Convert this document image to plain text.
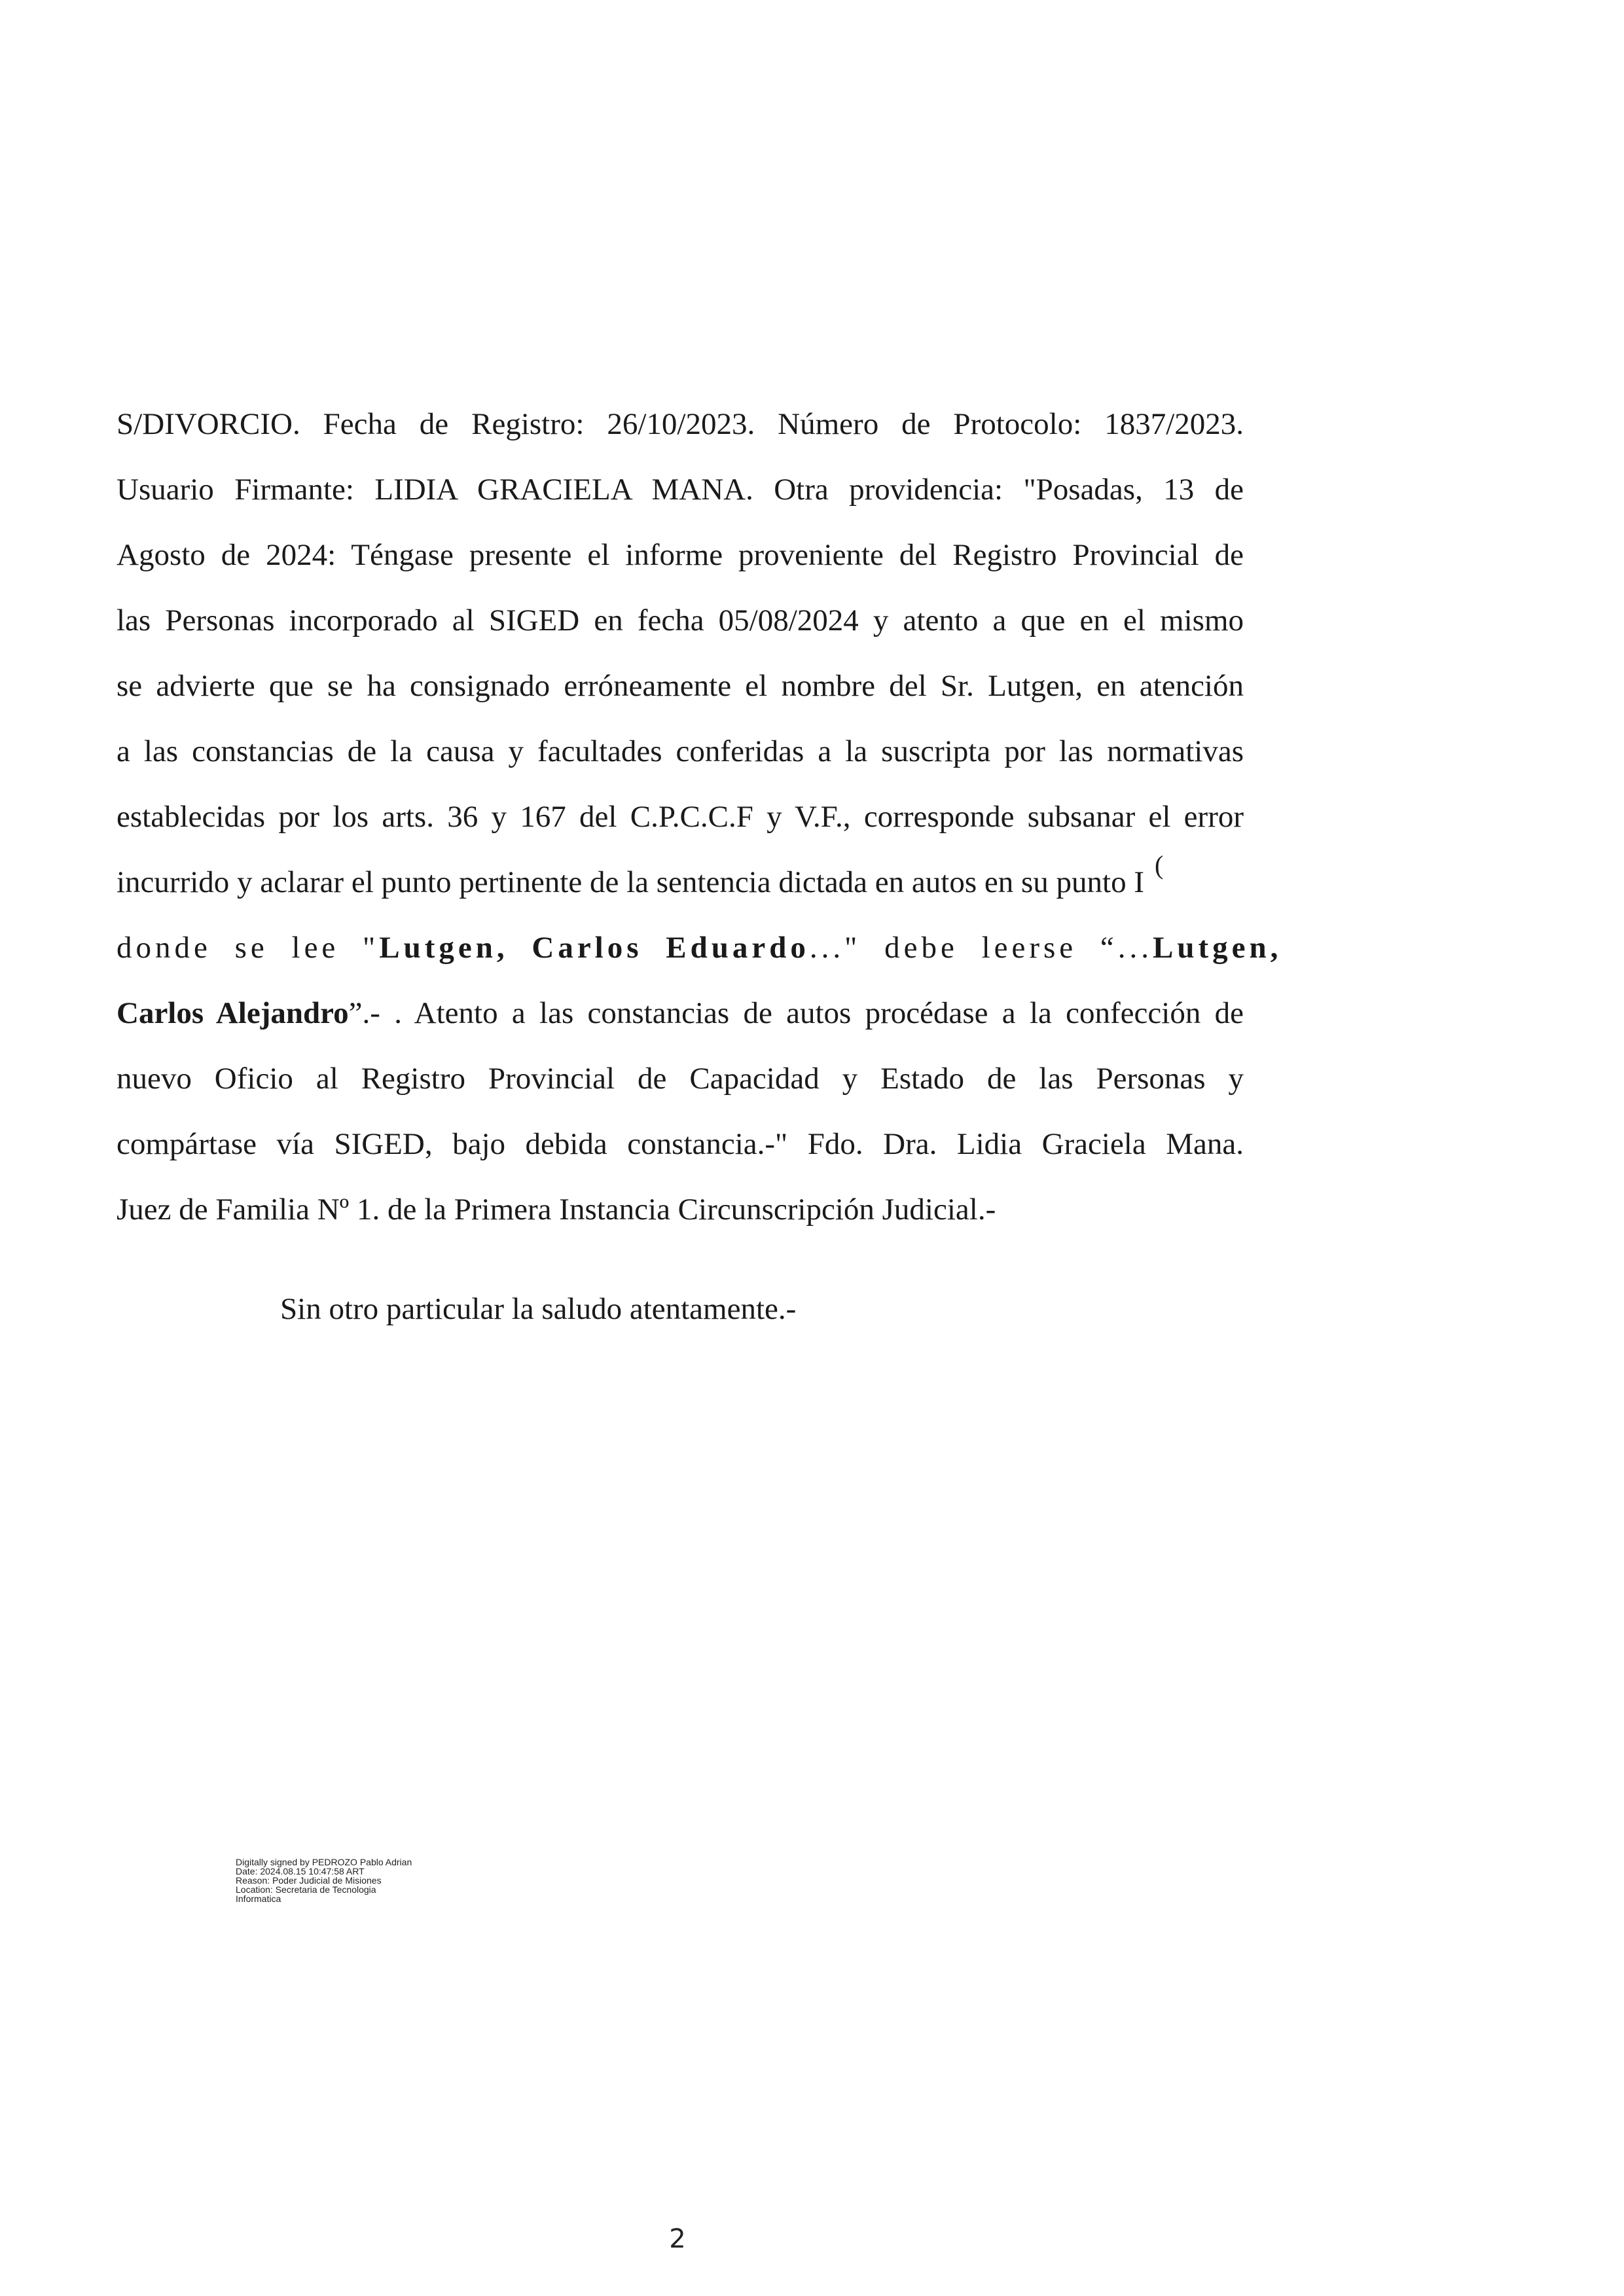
S/DIVORCIO. Fecha de Registro: 26/10/2023. Número de Protocolo: 1837/2023.
Usuario Firmante: LIDIA GRACIELA MANA. Otra providencia: "Posadas, 13 de
Agosto de 2024: Téngase presente el informe proveniente del Registro Provincial de
las Personas incorporado al SIGED en fecha 05/08/2024 y atento a que en el mismo
se advierte que se ha consignado erróneamente el nombre del Sr. Lutgen, en atención
a las constancias de la causa y facultades conferidas a la suscripta por las normativas
establecidas por los arts. 36 y 167 del C.P.C.C.F y V.F., corresponde subsanar el error
incurrido y aclarar el punto pertinente de la sentencia dictada en autos en su punto I(
donde se lee "Lutgen, Carlos Eduardo..." debe leerse “...Lutgen,
Carlos Alejandro”.- . Atento a las constancias de autos procédase a la confección de
nuevo Oficio al Registro Provincial de Capacidad y Estado de las Personas y
compártase vía SIGED, bajo debida constancia.-" Fdo. Dra. Lidia Graciela Mana.
Juez de Familia Nº 1. de la Primera Instancia Circunscripción Judicial.-
Sin otro particular la saludo atentamente.-
Digitally signed by PEDROZO Pablo Adrian
Date: 2024.08.15 10:47:58 ART
Reason: Poder Judicial de Misiones
Location: Secretaria de Tecnologia
Informatica
2
